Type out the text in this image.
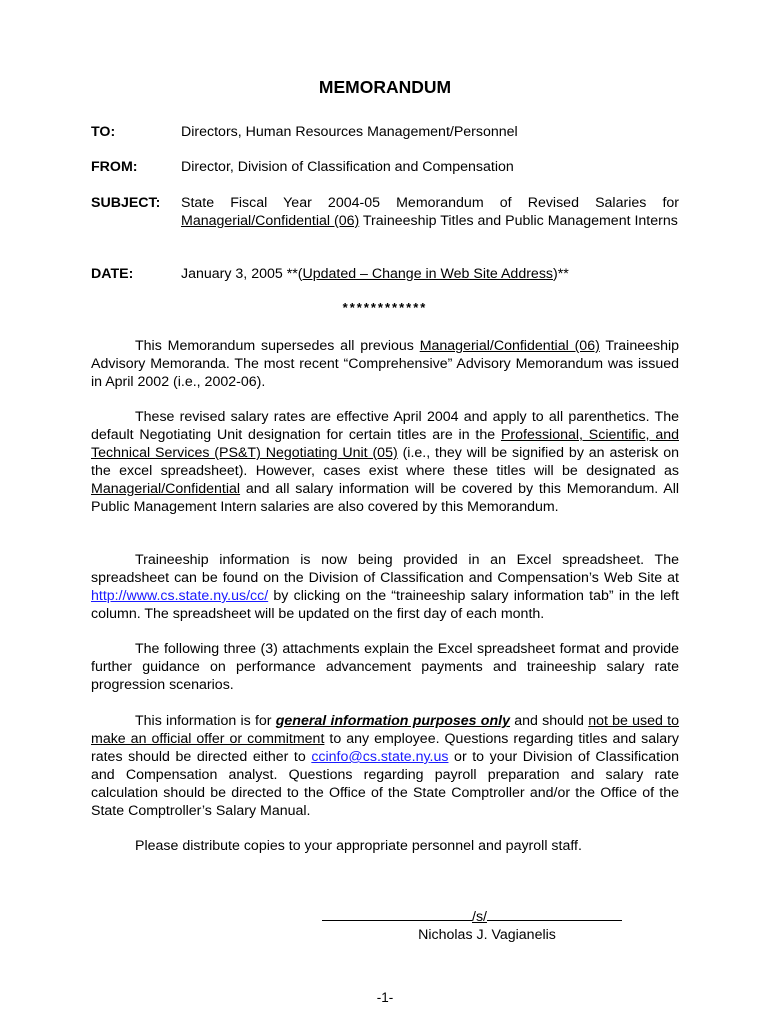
MEMORANDUM
TO:	Directors, Human Resources Management/Personnel
FROM:	Director, Division of Classification and Compensation
SUBJECT: State Fiscal Year 2004-05 Memorandum of Revised Salaries for Managerial/Confidential (06) Traineeship Titles and Public Management Interns
DATE:	January 3, 2005 **(Updated – Change in Web Site Address)**
************

This Memorandum supersedes all previous Managerial/Confidential (06) Traineeship Advisory Memoranda. The most recent “Comprehensive” Advisory Memorandum was issued in April 2002 (i.e., 2002-06).

These revised salary rates are effective April 2004 and apply to all parenthetics. The default Negotiating Unit designation for certain titles are in the Professional, Scientific, and Technical Services (PS&T) Negotiating Unit (05) (i.e., they will be signified by an asterisk on the excel spreadsheet). However, cases exist where these titles will be designated as Managerial/Confidential and all salary information will be covered by this Memorandum. All Public Management Intern salaries are also covered by this Memorandum.

Traineeship information is now being provided in an Excel spreadsheet. The spreadsheet can be found on the Division of Classification and Compensation’s Web Site at http://www.cs.state.ny.us/cc/ by clicking on the “traineeship salary information tab” in the left column. The spreadsheet will be updated on the first day of each month.

The following three (3) attachments explain the Excel spreadsheet format and provide further guidance on performance advancement payments and traineeship salary rate progression scenarios.

This information is for general information purposes only and should not be used to make an official offer or commitment to any employee. Questions regarding titles and salary rates should be directed either to ccinfo@cs.state.ny.us or to your Division of Classification and Compensation analyst. Questions regarding payroll preparation and salary rate calculation should be directed to the Office of the State Comptroller and/or the Office of the State Comptroller’s Salary Manual.

Please distribute copies to your appropriate personnel and payroll staff.

/s/
Nicholas J. Vagianelis
-1-
